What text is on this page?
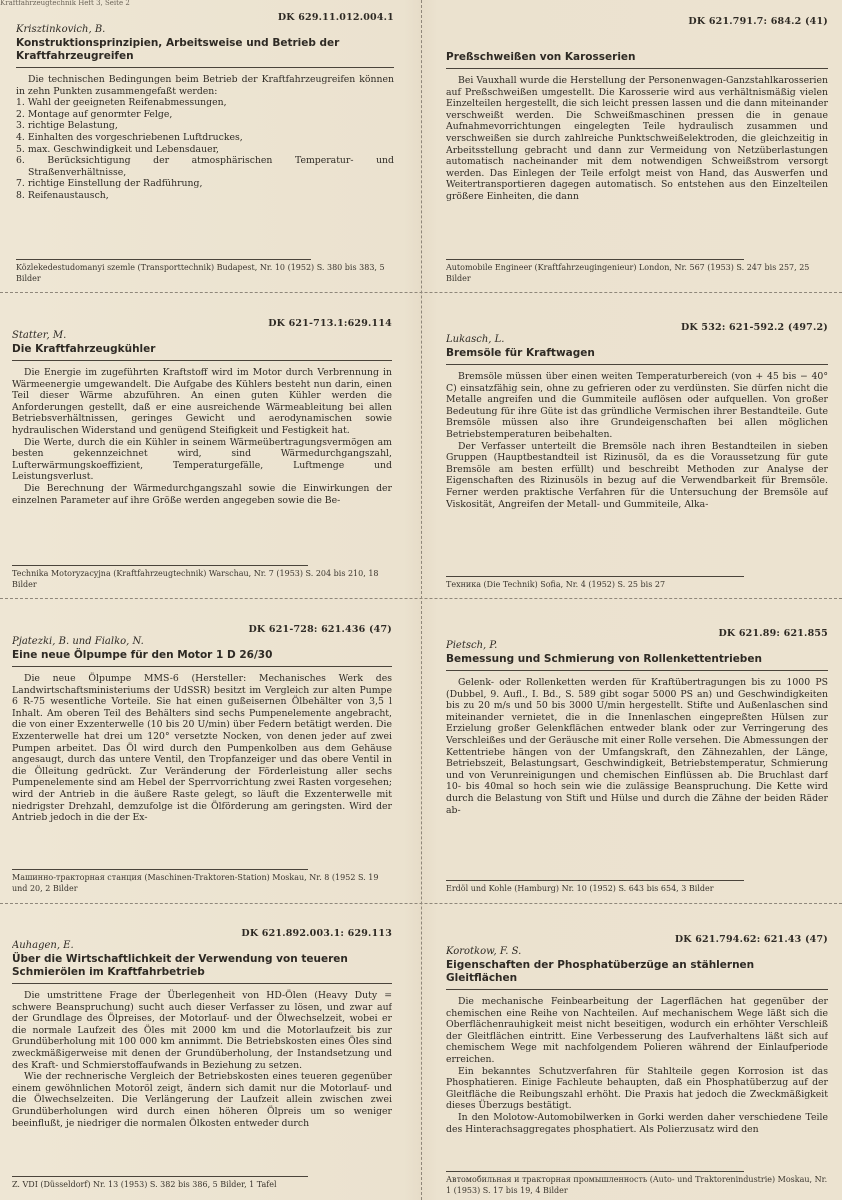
Kraftfahrzeugtechnik Heft 3, Seite 2
DK 629.11.012.004.1
Krisztinkovich, B.
Konstruktionsprinzipien, Arbeitsweise und Betrieb der Kraftfahrzeugreifen

Die technischen Bedingungen beim Betrieb der Kraftfahrzeugreifen können in zehn Punkten zusammengefaßt werden:

1. Wahl der geeigneten Reifenabmessungen,
2. Montage auf genormter Felge,
3. richtige Belastung,
4. Einhalten des vorgeschriebenen Luftdruckes,
5. max. Geschwindigkeit und Lebensdauer,
6. Berücksichtigung der atmosphärischen Temperatur- und Straßenverhältnisse,
7. richtige Einstellung der Radführung,
8. Reifenaustausch,
Közlekedestudomanyi szemle (Transporttechnik) Budapest, Nr. 10 (1952) S. 380 bis 383, 5 Bilder
DK 621.791.7: 684.2 (41)
Preßschweißen von Karosserien

Bei Vauxhall wurde die Herstellung der Personenwagen-Ganzstahlkarosserien auf Preßschweißen umgestellt. Die Karosserie wird aus verhältnismäßig vielen Einzelteilen hergestellt, die sich leicht pressen lassen und die dann miteinander verschweißt werden. Die Schweißmaschinen pressen die in genaue Aufnahmevorrichtungen eingelegten Teile hydraulisch zusammen und verschweißen sie durch zahlreiche Punktschweißelektroden, die gleichzeitig in Arbeitsstellung gebracht und dann zur Vermeidung von Netzüberlastungen automatisch nacheinander mit dem notwendigen Schweißstrom versorgt werden. Das Einlegen der Teile erfolgt meist von Hand, das Auswerfen und Weitertransportieren dagegen automatisch. So entstehen aus den Einzelteilen größere Einheiten, die dann

Automobile Engineer (Kraftfahrzeugingenieur) London, Nr. 567 (1953) S. 247 bis 257, 25 Bilder
DK 621-713.1:629.114
Statter, M.
Die Kraftfahrzeugkühler

Die Energie im zugeführten Kraftstoff wird im Motor durch Verbrennung in Wärmeenergie umgewandelt. Die Aufgabe des Kühlers besteht nun darin, einen Teil dieser Wärme abzuführen. An einen guten Kühler werden die Anforderungen gestellt, daß er eine ausreichende Wärmeableitung bei allen Betriebsverhältnissen, geringes Gewicht und aerodynamischen sowie hydraulischen Widerstand und genügend Steifigkeit und Festigkeit hat.

Die Werte, durch die ein Kühler in seinem Wärmeübertragungsvermögen am besten gekennzeichnet wird, sind Wärmedurchgangszahl, Lufterwärmungskoeffizient, Temperaturgefälle, Luftmenge und Leistungsverlust.

Die Berechnung der Wärmedurchgangszahl sowie die Einwirkungen der einzelnen Parameter auf ihre Größe werden angegeben sowie die Be-

Technika Motoryzacyjna (Kraftfahrzeugtechnik) Warschau, Nr. 7 (1953) S. 204 bis 210, 18 Bilder
DK 532: 621-592.2 (497.2)
Lukasch, L.
Bremsöle für Kraftwagen

Bremsöle müssen über einen weiten Temperaturbereich (von + 45 bis − 40° C) einsatzfähig sein, ohne zu gefrieren oder zu verdünsten. Sie dürfen nicht die Metalle angreifen und die Gummiteile auflösen oder aufquellen. Von großer Bedeutung für ihre Güte ist das gründliche Vermischen ihrer Bestandteile. Gute Bremsöle müssen also ihre Grundeigenschaften bei allen möglichen Betriebstemperaturen beibehalten.

Der Verfasser unterteilt die Bremsöle nach ihren Bestandteilen in sieben Gruppen (Hauptbestandteil ist Rizinusöl, da es die Voraussetzung für gute Bremsöle am besten erfüllt) und beschreibt Methoden zur Analyse der Eigenschaften des Rizinusöls in bezug auf die Verwendbarkeit für Bremsöle. Ferner werden praktische Verfahren für die Untersuchung der Bremsöle auf Viskosität, Angreifen der Metall- und Gummiteile, Alka-

Техника (Die Technik) Sofia, Nr. 4 (1952) S. 25 bis 27
DK 621-728: 621.436 (47)
Pjatezki, B. und Fialko, N.
Eine neue Ölpumpe für den Motor 1 D 26/30

Die neue Ölpumpe MMS-6 (Hersteller: Mechanisches Werk des Landwirtschaftsministeriums der UdSSR) besitzt im Vergleich zur alten Pumpe 6 R-75 wesentliche Vorteile. Sie hat einen gußeisernen Ölbehälter von 3,5 l Inhalt. Am oberen Teil des Behälters sind sechs Pumpenelemente angebracht, die von einer Exzenterwelle (10 bis 20 U/min) über Federn betätigt werden. Die Exzenterwelle hat drei um 120° versetzte Nocken, von denen jeder auf zwei Pumpen arbeitet. Das Öl wird durch den Pumpenkolben aus dem Gehäuse angesaugt, durch das untere Ventil, den Tropfanzeiger und das obere Ventil in die Ölleitung gedrückt. Zur Veränderung der Förderleistung aller sechs Pumpenelemente sind am Hebel der Sperrvorrichtung zwei Rasten vorgesehen; wird der Antrieb in die äußere Raste gelegt, so läuft die Exzenterwelle mit niedrigster Drehzahl, demzufolge ist die Ölförderung am geringsten. Wird der Antrieb jedoch in die der Ex-

Машинно-тракторная станция (Maschinen-Traktoren-Station) Moskau, Nr. 8 (1952 S. 19 und 20, 2 Bilder
DK 621.89: 621.855
Pietsch, P.
Bemessung und Schmierung von Rollenkettentrieben

Gelenk- oder Rollenketten werden für Kraftübertragungen bis zu 1000 PS (Dubbel, 9. Aufl., I. Bd., S. 589 gibt sogar 5000 PS an) und Geschwindigkeiten bis zu 20 m/s und 50 bis 3000 U/min hergestellt. Stifte und Außenlaschen sind miteinander vernietet, die in die Innenlaschen eingepreßten Hülsen zur Erzielung großer Gelenkflächen entweder blank oder zur Verringerung des Verschleißes und der Geräusche mit einer Rolle versehen. Die Abmessungen der Kettentriebe hängen von der Umfangskraft, den Zähnezahlen, der Länge, Betriebszeit, Belastungsart, Geschwindigkeit, Betriebstemperatur, Schmierung und von Verunreinigungen und chemischen Einflüssen ab. Die Bruchlast darf 10- bis 40mal so hoch sein wie die zulässige Beanspruchung. Die Kette wird durch die Belastung von Stift und Hülse und durch die Zähne der beiden Räder ab-

Erdöl und Kohle (Hamburg) Nr. 10 (1952) S. 643 bis 654, 3 Bilder
DK 621.892.003.1: 629.113
Auhagen, E.
Über die Wirtschaftlichkeit der Verwendung von teueren Schmierölen im Kraftfahrbetrieb

Die umstrittene Frage der Überlegenheit von HD-Ölen (Heavy Duty = schwere Beanspruchung) sucht auch dieser Verfasser zu lösen, und zwar auf der Grundlage des Ölpreises, der Motorlauf- und der Ölwechselzeit, wobei er die normale Laufzeit des Öles mit 2000 km und die Motorlaufzeit bis zur Grundüberholung mit 100 000 km annimmt. Die Betriebskosten eines Öles sind zweckmäßigerweise mit denen der Grundüberholung, der Instandsetzung und des Kraft- und Schmierstoffaufwands in Beziehung zu setzen.

Wie der rechnerische Vergleich der Betriebskosten eines teueren gegenüber einem gewöhnlichen Motoröl zeigt, ändern sich damit nur die Motorlauf- und die Ölwechselzeiten. Die Verlängerung der Laufzeit allein zwischen zwei Grundüberholungen wird durch einen höheren Ölpreis um so weniger beeinflußt, je niedriger die normalen Ölkosten entweder durch

Z. VDI (Düsseldorf) Nr. 13 (1953) S. 382 bis 386, 5 Bilder, 1 Tafel
DK 621.794.62: 621.43 (47)
Korotkow, F. S.
Eigenschaften der Phosphatüberzüge an stählernen Gleitflächen

Die mechanische Feinbearbeitung der Lagerflächen hat gegenüber der chemischen eine Reihe von Nachteilen. Auf mechanischem Wege läßt sich die Oberflächenrauhigkeit meist nicht beseitigen, wodurch ein erhöhter Verschleiß der Gleitflächen eintritt. Eine Verbesserung des Laufverhaltens läßt sich auf chemischem Wege mit nachfolgendem Polieren während der Einlaufperiode erreichen.

Ein bekanntes Schutzverfahren für Stahlteile gegen Korrosion ist das Phosphatieren. Einige Fachleute behaupten, daß ein Phosphatüberzug auf der Gleitfläche die Reibungszahl erhöht. Die Praxis hat jedoch die Zweckmäßigkeit dieses Überzugs bestätigt.

In den Molotow-Automobilwerken in Gorki werden daher verschiedene Teile des Hinterachsaggregates phosphatiert. Als Polierzusatz wird den

Автомобильная и тракторная промышленность (Auto- und Traktorenindustrie) Moskau, Nr. 1 (1953) S. 17 bis 19, 4 Bilder
